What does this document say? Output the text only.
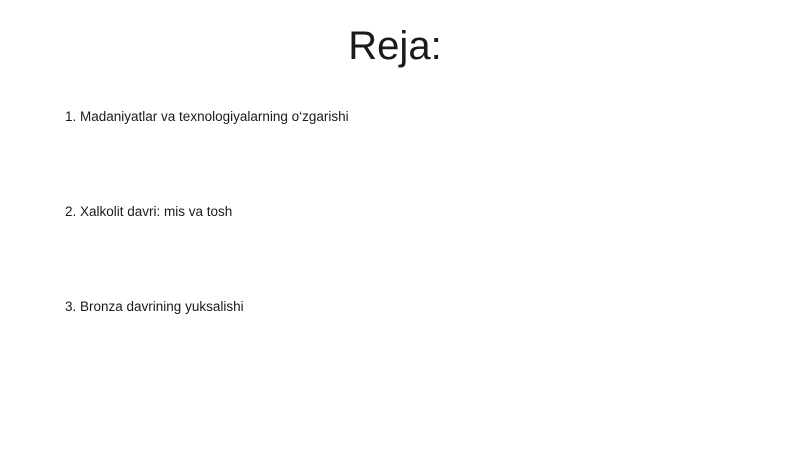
Reja:
1. Madaniyatlar va texnologiyalarning o‘zgarishi
2. Xalkolit davri: mis va tosh
3. Bronza davrining yuksalishi
